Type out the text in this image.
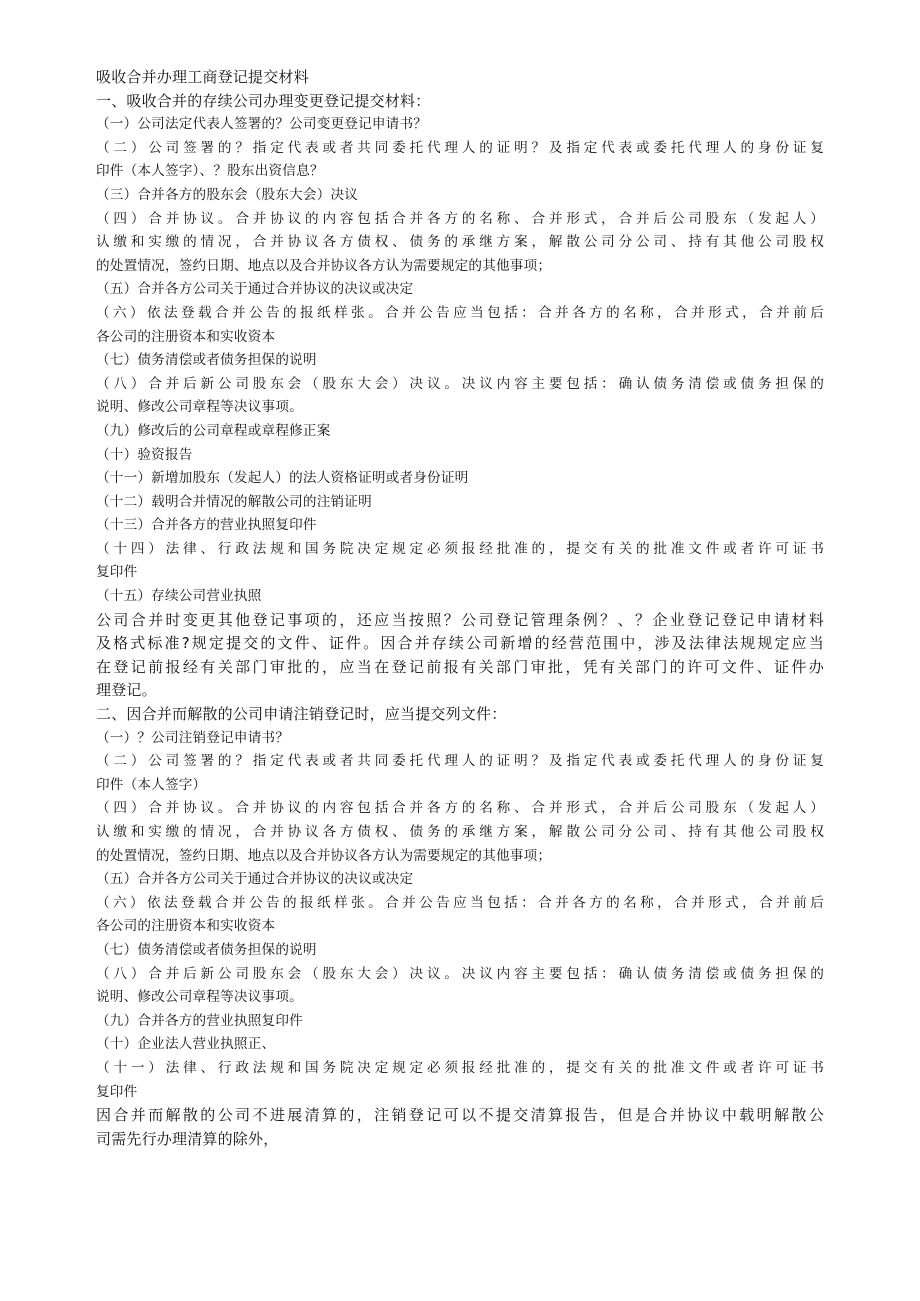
吸收合并办理工商登记提交材料
一、吸收合并的存续公司办理变更登记提交材料：
（一）公司法定代表人签署的？公司变更登记申请书？
（二）公司签署的？指定代表或者共同委托代理人的证明？及指定代表或委托代理人的身份证复
印件（本人签字）、？股东出资信息？
（三）合并各方的股东会（股东大会）决议
（四）合并协议。合并协议的内容包括合并各方的名称、合并形式，合并后公司股东（发起人）
认缴和实缴的情况，合并协议各方债权、债务的承继方案，解散公司分公司、持有其他公司股权
的处置情况，签约日期、地点以及合并协议各方认为需要规定的其他事项；
（五）合并各方公司关于通过合并协议的决议或决定
（六）依法登载合并公告的报纸样张。合并公告应当包括：合并各方的名称，合并形式，合并前后
各公司的注册资本和实收资本
（七）债务清偿或者债务担保的说明
（八）合并后新公司股东会（股东大会）决议。决议内容主要包括：确认债务清偿或债务担保的
说明、修改公司章程等决议事项。
（九）修改后的公司章程或章程修正案
（十）验资报告
（十一）新增加股东（发起人）的法人资格证明或者身份证明
（十二）载明合并情况的解散公司的注销证明
（十三）合并各方的营业执照复印件
（十四）法律、行政法规和国务院决定规定必须报经批准的，提交有关的批准文件或者许可证书
复印件
（十五）存续公司营业执照
公司合并时变更其他登记事项的，还应当按照？公司登记管理条例？、？企业登记登记申请材料
及格式标准?规定提交的文件、证件。因合并存续公司新增的经营范围中，涉及法律法规规定应当
在登记前报经有关部门审批的，应当在登记前报有关部门审批，凭有关部门的许可文件、证件办
理登记。
二、因合并而解散的公司申请注销登记时，应当提交列文件：
（一）？公司注销登记申请书？
（二）公司签署的？指定代表或者共同委托代理人的证明？及指定代表或委托代理人的身份证复
印件（本人签字）
（四）合并协议。合并协议的内容包括合并各方的名称、合并形式，合并后公司股东（发起人）
认缴和实缴的情况，合并协议各方债权、债务的承继方案，解散公司分公司、持有其他公司股权
的处置情况，签约日期、地点以及合并协议各方认为需要规定的其他事项；
（五）合并各方公司关于通过合并协议的决议或决定
（六）依法登载合并公告的报纸样张。合并公告应当包括：合并各方的名称，合并形式，合并前后
各公司的注册资本和实收资本
（七）债务清偿或者债务担保的说明
（八）合并后新公司股东会（股东大会）决议。决议内容主要包括：确认债务清偿或债务担保的
说明、修改公司章程等决议事项。
（九）合并各方的营业执照复印件
（十）企业法人营业执照正、
（十一）法律、行政法规和国务院决定规定必须报经批准的，提交有关的批准文件或者许可证书
复印件
因合并而解散的公司不进展清算的，注销登记可以不提交清算报告，但是合并协议中载明解散公
司需先行办理清算的除外，
